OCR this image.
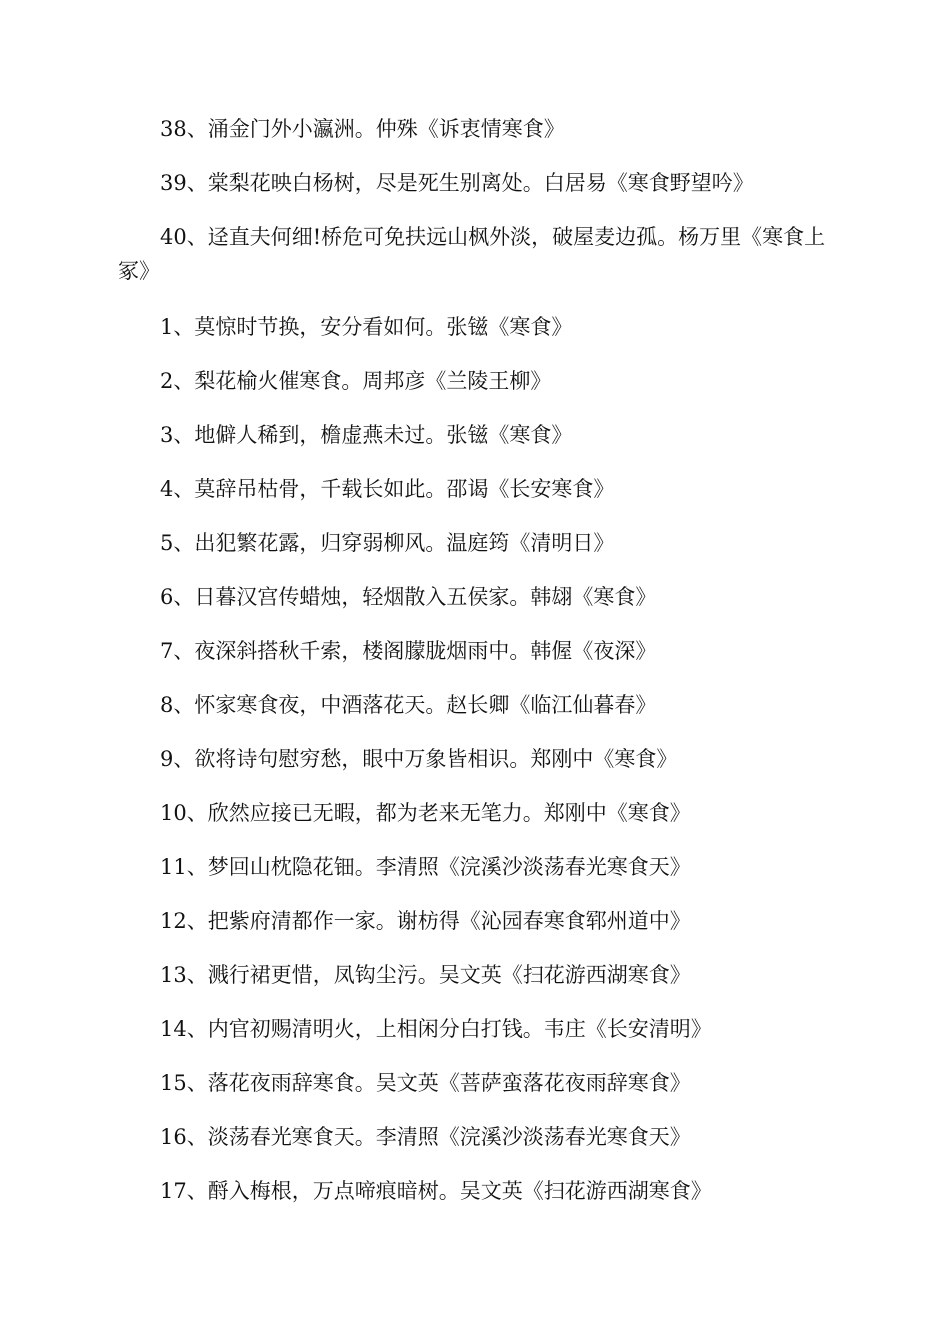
38、涌金门外小瀛洲。仲殊《诉衷情寒食》

39、棠梨花映白杨树，尽是死生别离处。白居易《寒食野望吟》

40、迳直夫何细!桥危可免扶远山枫外淡，破屋麦边孤。杨万里《寒食上冢》

1、莫惊时节换，安分看如何。张镃《寒食》

2、梨花榆火催寒食。周邦彦《兰陵王柳》

3、地僻人稀到，檐虚燕未过。张镃《寒食》

4、莫辞吊枯骨，千载长如此。邵谒《长安寒食》

5、出犯繁花露，归穿弱柳风。温庭筠《清明日》

6、日暮汉宫传蜡烛，轻烟散入五侯家。韩翃《寒食》

7、夜深斜搭秋千索，楼阁朦胧烟雨中。韩偓《夜深》

8、怀家寒食夜，中酒落花天。赵长卿《临江仙暮春》

9、欲将诗句慰穷愁，眼中万象皆相识。郑刚中《寒食》

10、欣然应接已无暇，都为老来无笔力。郑刚中《寒食》

11、梦回山枕隐花钿。李清照《浣溪沙淡荡春光寒食天》

12、把紫府清都作一家。谢枋得《沁园春寒食郓州道中》

13、溅行裙更惜，凤钩尘污。吴文英《扫花游西湖寒食》

14、内官初赐清明火，上相闲分白打钱。韦庄《长安清明》

15、落花夜雨辞寒食。吴文英《菩萨蛮落花夜雨辞寒食》

16、淡荡春光寒食天。李清照《浣溪沙淡荡春光寒食天》

17、酹入梅根，万点啼痕暗树。吴文英《扫花游西湖寒食》
